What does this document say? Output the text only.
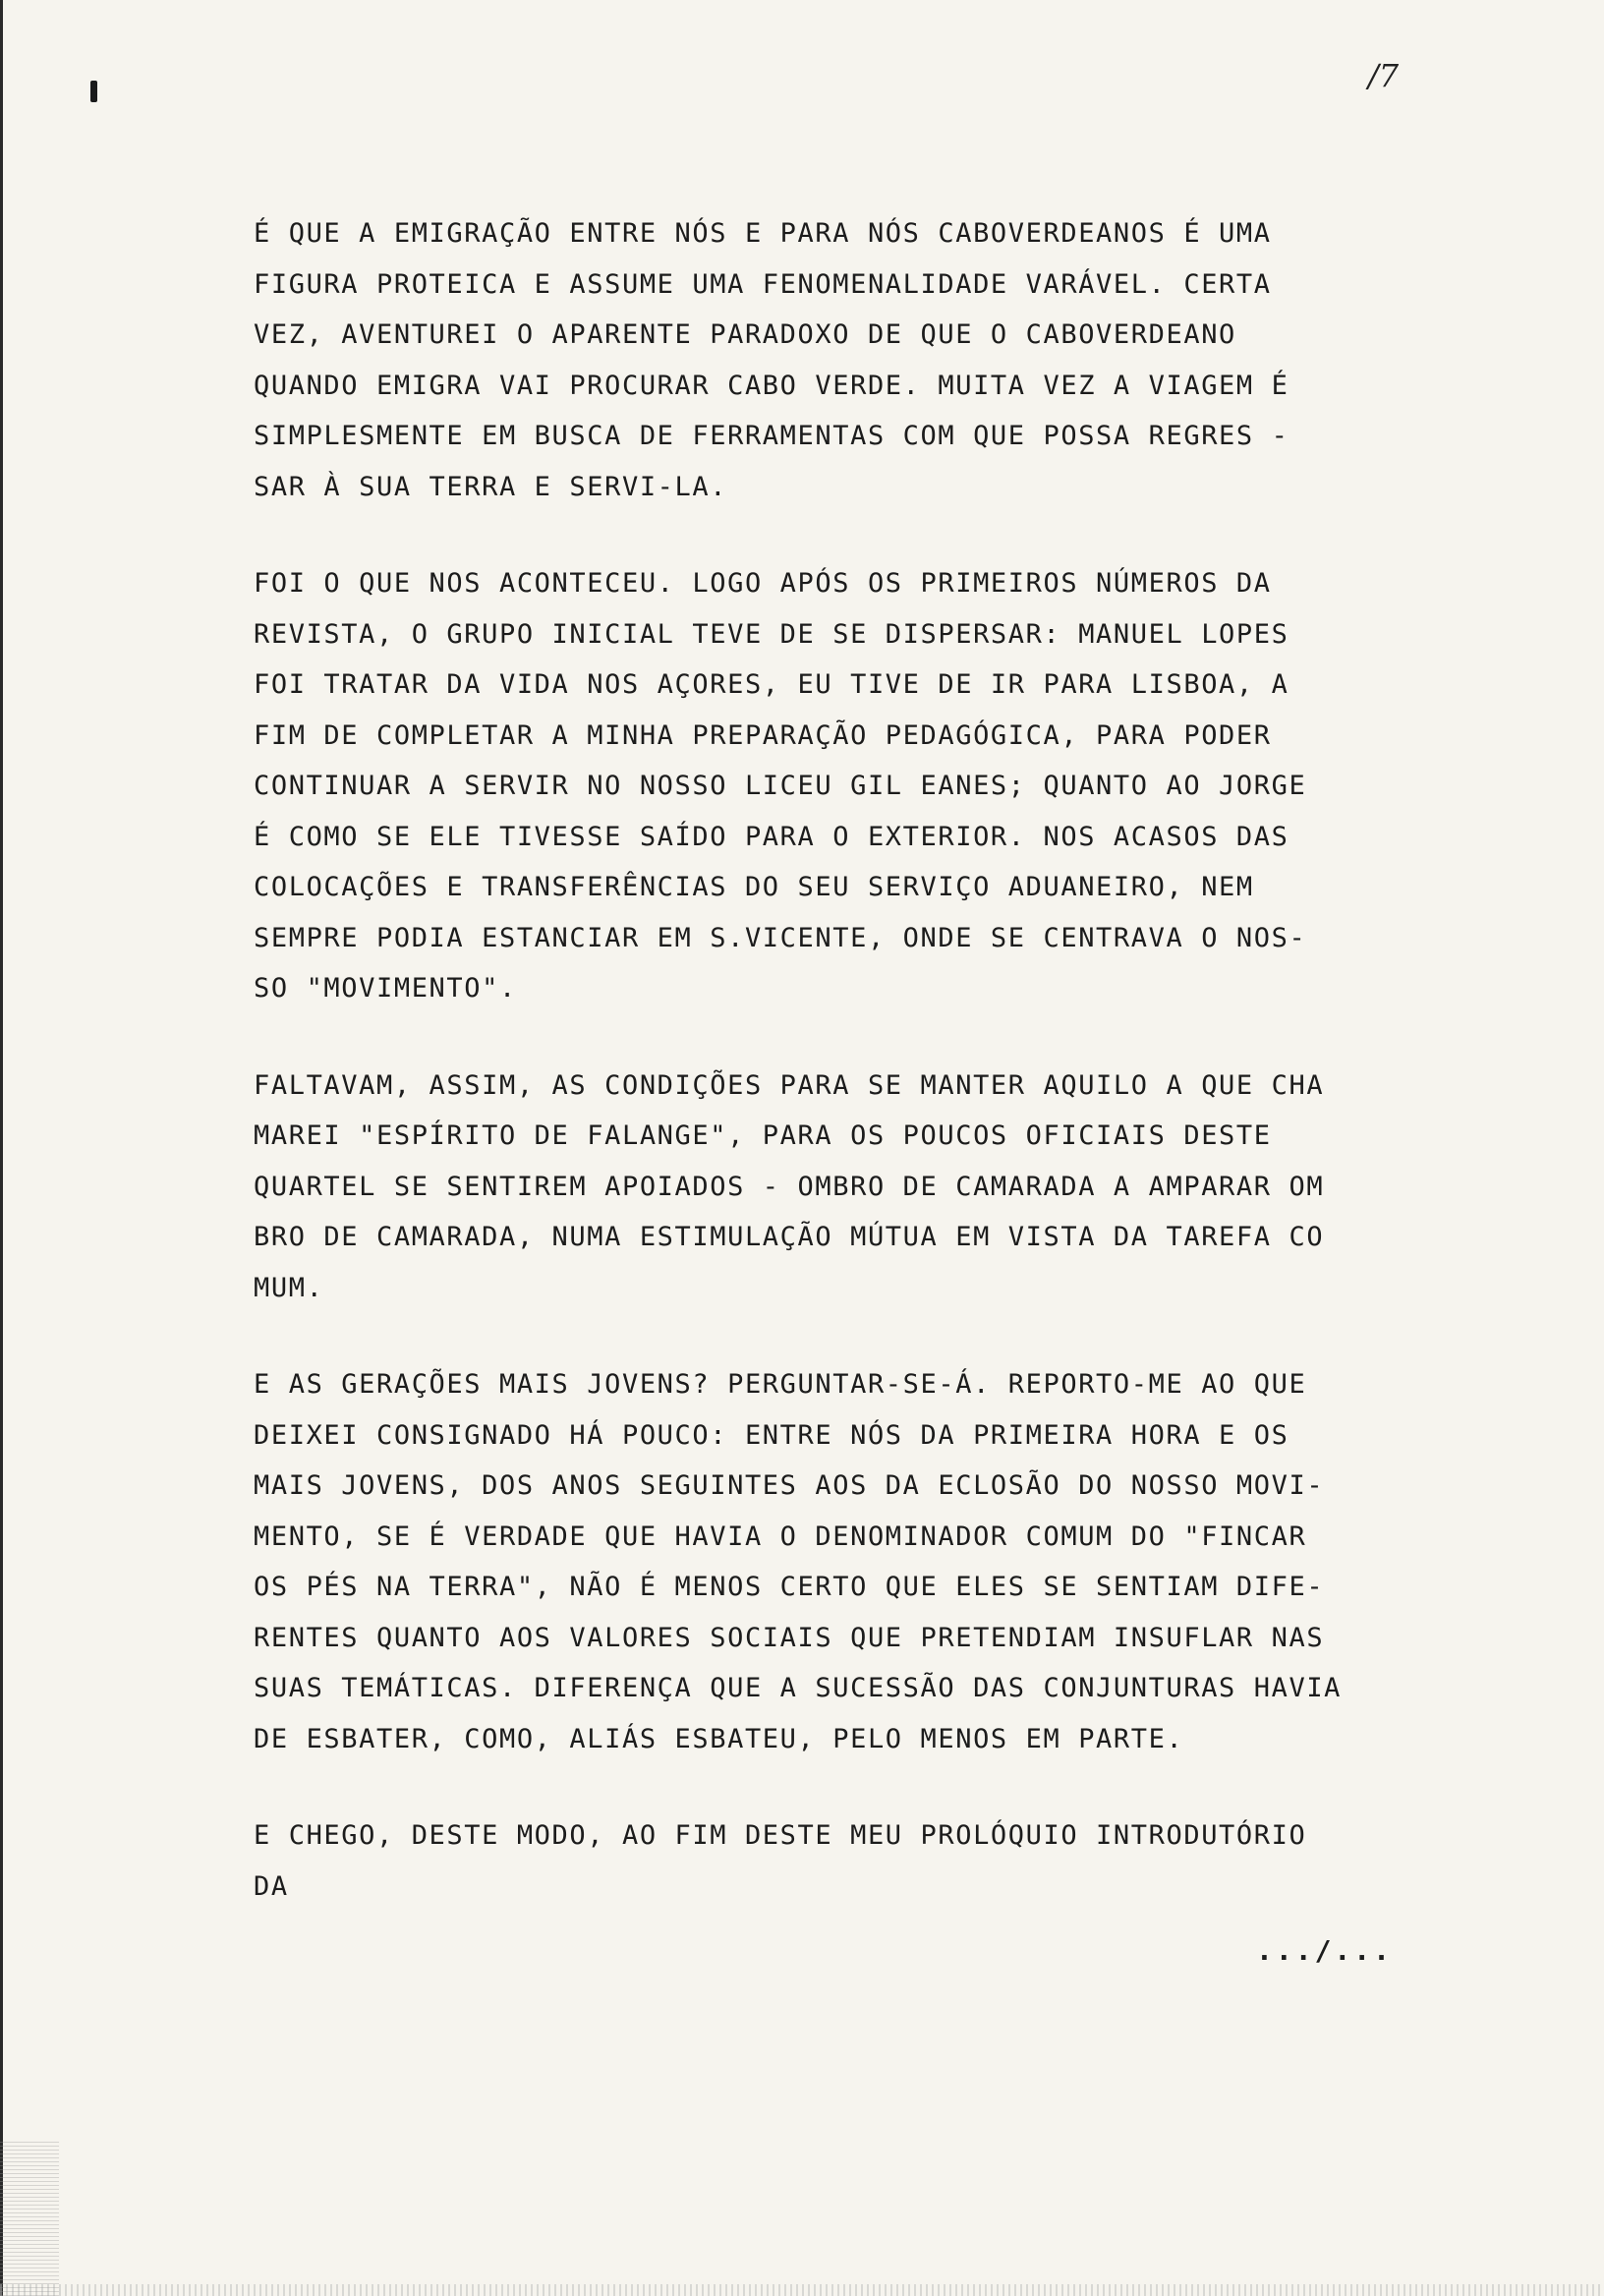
/7

É QUE A EMIGRAÇÃO ENTRE NÓS E PARA NÓS CABOVERDEANOS É UMA
FIGURA PROTEICA E ASSUME UMA FENOMENALIDADE VARÁVEL. CERTA
VEZ, AVENTUREI O APARENTE PARADOXO DE QUE O CABOVERDEANO
QUANDO EMIGRA VAI PROCURAR CABO VERDE. MUITA VEZ A VIAGEM É
SIMPLESMENTE EM BUSCA DE FERRAMENTAS COM QUE POSSA REGRES -
SAR À SUA TERRA E SERVI-LA.

FOI O QUE NOS ACONTECEU. LOGO APÓS OS PRIMEIROS NÚMEROS DA
REVISTA, O GRUPO INICIAL TEVE DE SE DISPERSAR: MANUEL LOPES
FOI TRATAR DA VIDA NOS AÇORES, EU TIVE DE IR PARA LISBOA, A
FIM DE COMPLETAR A MINHA PREPARAÇÃO PEDAGÓGICA, PARA PODER
CONTINUAR A SERVIR NO NOSSO LICEU GIL EANES; QUANTO AO JORGE
É COMO SE ELE TIVESSE SAÍDO PARA O EXTERIOR. NOS ACASOS DAS
COLOCAÇÕES E TRANSFERÊNCIAS DO SEU SERVIÇO ADUANEIRO, NEM
SEMPRE PODIA ESTANCIAR EM S.VICENTE, ONDE SE CENTRAVA O NOS-
SO "MOVIMENTO".

FALTAVAM, ASSIM, AS CONDIÇÕES PARA SE MANTER AQUILO A QUE CHA
MAREI "ESPÍRITO DE FALANGE", PARA OS POUCOS OFICIAIS DESTE
QUARTEL SE SENTIREM APOIADOS - OMBRO DE CAMARADA A AMPARAR OM
BRO DE CAMARADA, NUMA ESTIMULAÇÃO MÚTUA EM VISTA DA TAREFA CO
MUM.

E AS GERAÇÕES MAIS JOVENS? PERGUNTAR-SE-Á. REPORTO-ME AO QUE
DEIXEI CONSIGNADO HÁ POUCO: ENTRE NÓS DA PRIMEIRA HORA E OS
MAIS JOVENS, DOS ANOS SEGUINTES AOS DA ECLOSÃO DO NOSSO MOVI-
MENTO, SE É VERDADE QUE HAVIA O DENOMINADOR COMUM DO "FINCAR
OS PÉS NA TERRA", NÃO É MENOS CERTO QUE ELES SE SENTIAM DIFE-
RENTES QUANTO AOS VALORES SOCIAIS QUE PRETENDIAM INSUFLAR NAS
SUAS TEMÁTICAS. DIFERENÇA QUE A SUCESSÃO DAS CONJUNTURAS HAVIA
DE ESBATER, COMO, ALIÁS ESBATEU, PELO MENOS EM PARTE.

E CHEGO, DESTE MODO, AO FIM DESTE MEU PROLÓQUIO INTRODUTÓRIO
DA

.../...
